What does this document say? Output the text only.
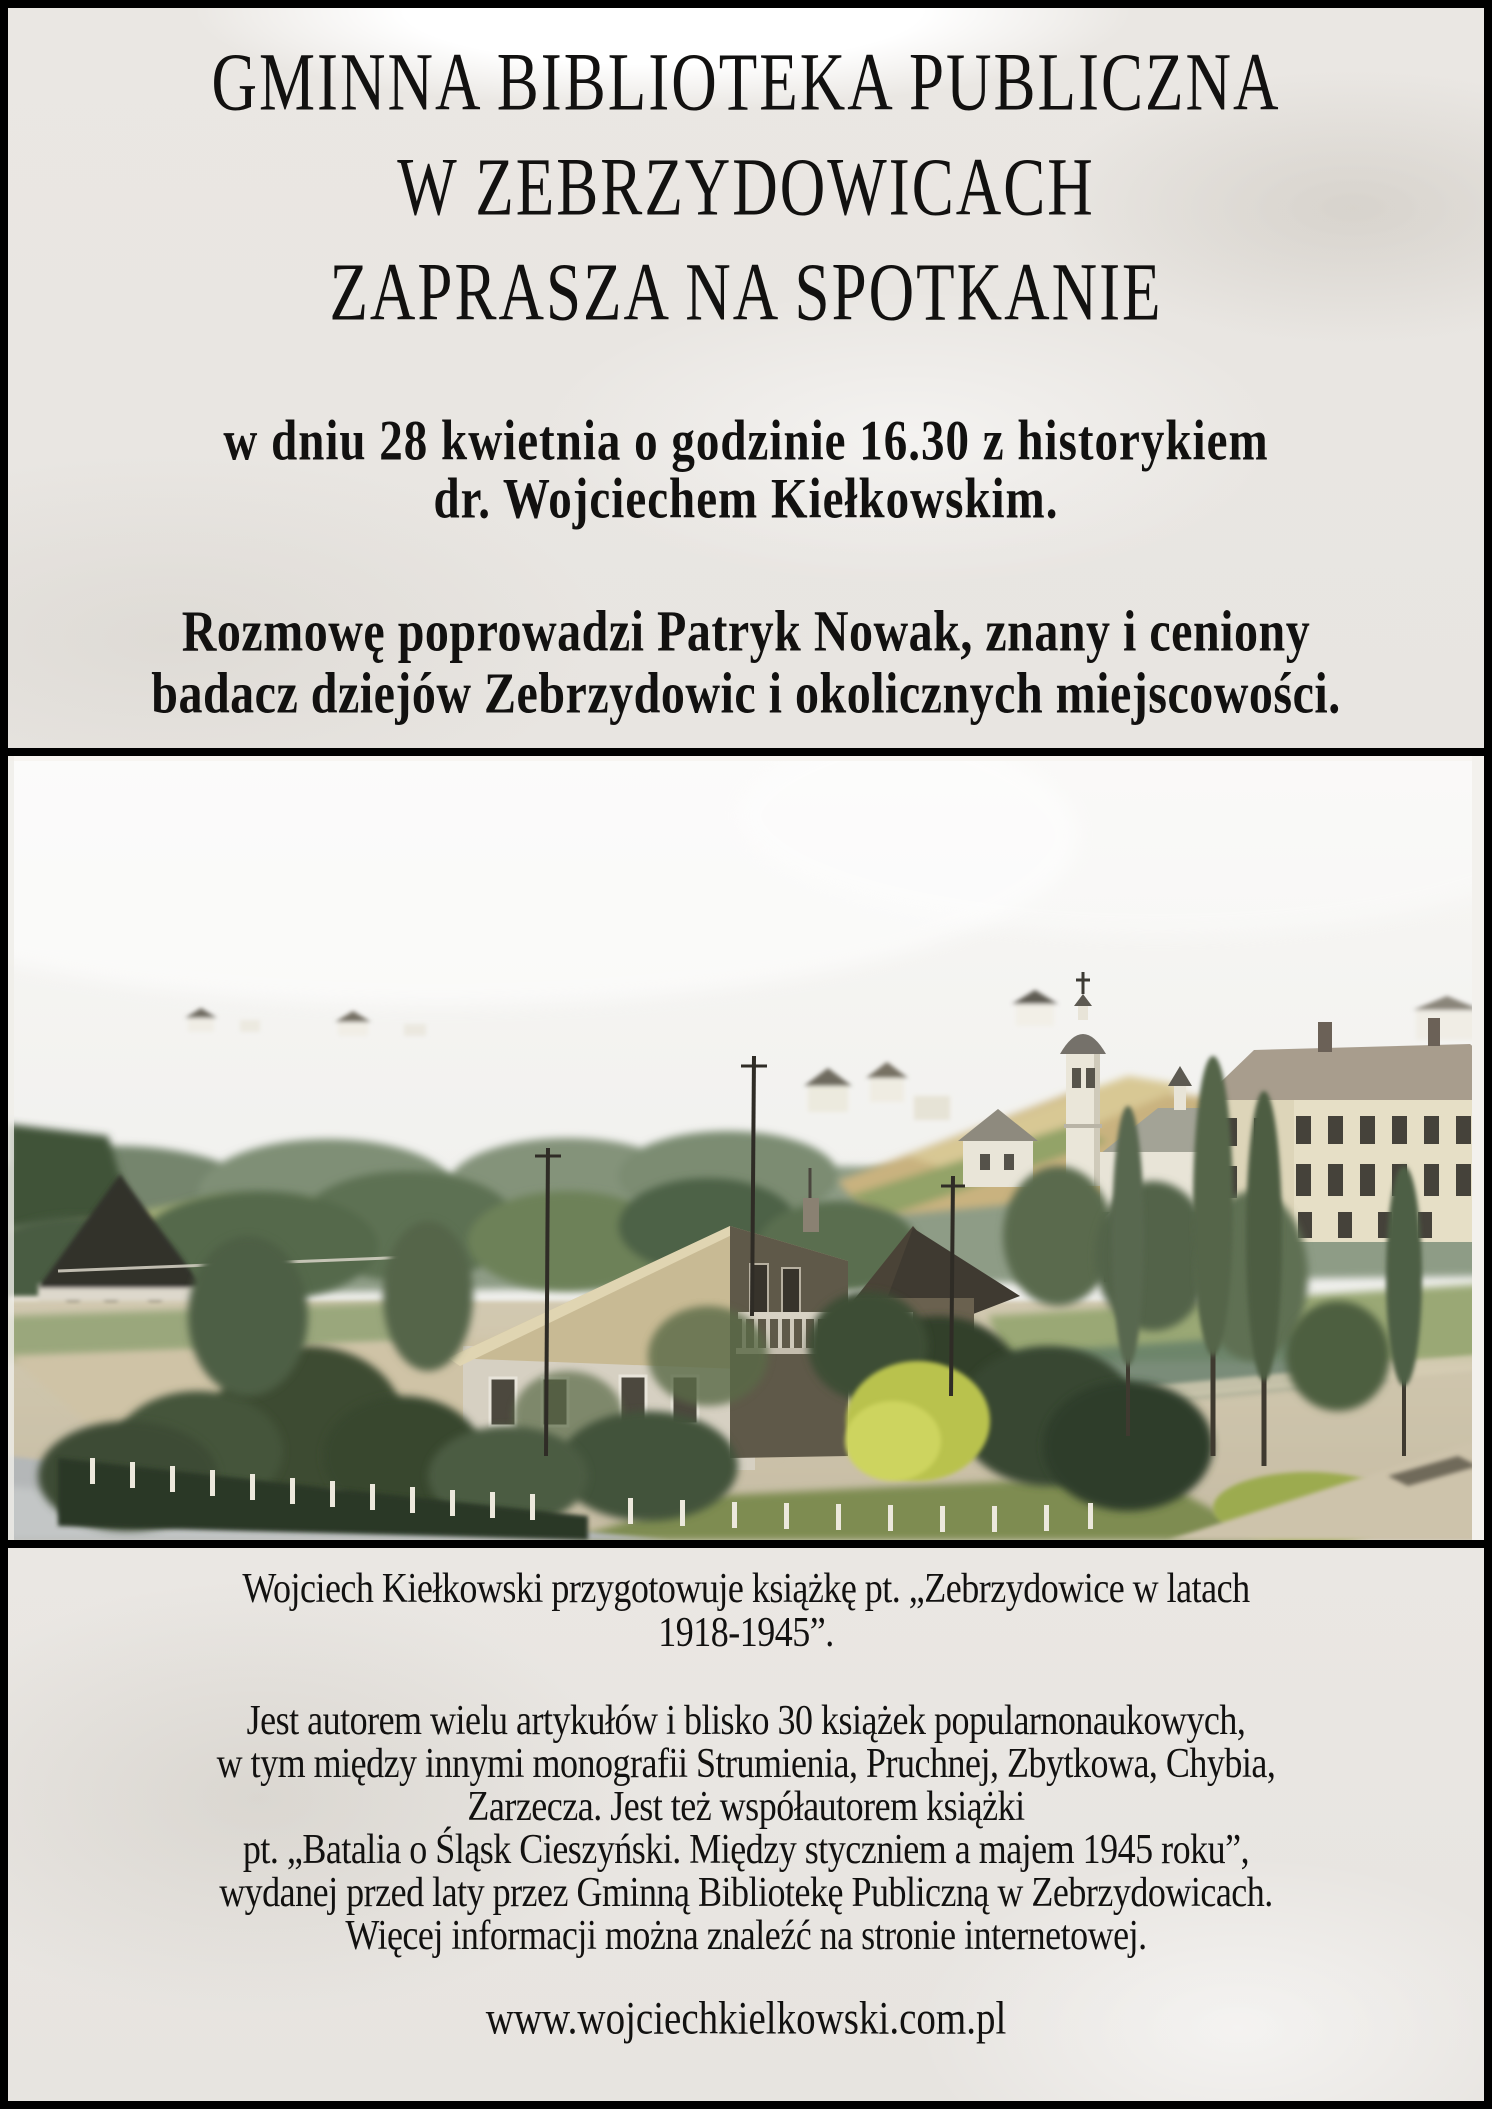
GMINNA BIBLIOTEKA PUBLICZNA
W ZEBRZYDOWICACH
ZAPRASZA NA SPOTKANIE
w dniu 28 kwietnia o godzinie 16.30 z historykiem
dr. Wojciechem Kiełkowskim.
Rozmowę poprowadzi Patryk Nowak, znany i ceniony
badacz dziejów Zebrzydowic i okolicznych miejscowości.
Wojciech Kiełkowski przygotowuje książkę pt. „Zebrzydowice w latach
1918-1945”.
Jest autorem wielu artykułów i blisko 30 książek popularnonaukowych,
w tym między innymi monografii Strumienia, Pruchnej, Zbytkowa, Chybia,
Zarzecza. Jest też współautorem książki
pt. „Batalia o Śląsk Cieszyński. Między styczniem a majem 1945 roku”,
wydanej przed laty przez Gminną Bibliotekę Publiczną w Zebrzydowicach.
Więcej informacji można znaleźć na stronie internetowej.
www.wojciechkielkowski.com.pl
